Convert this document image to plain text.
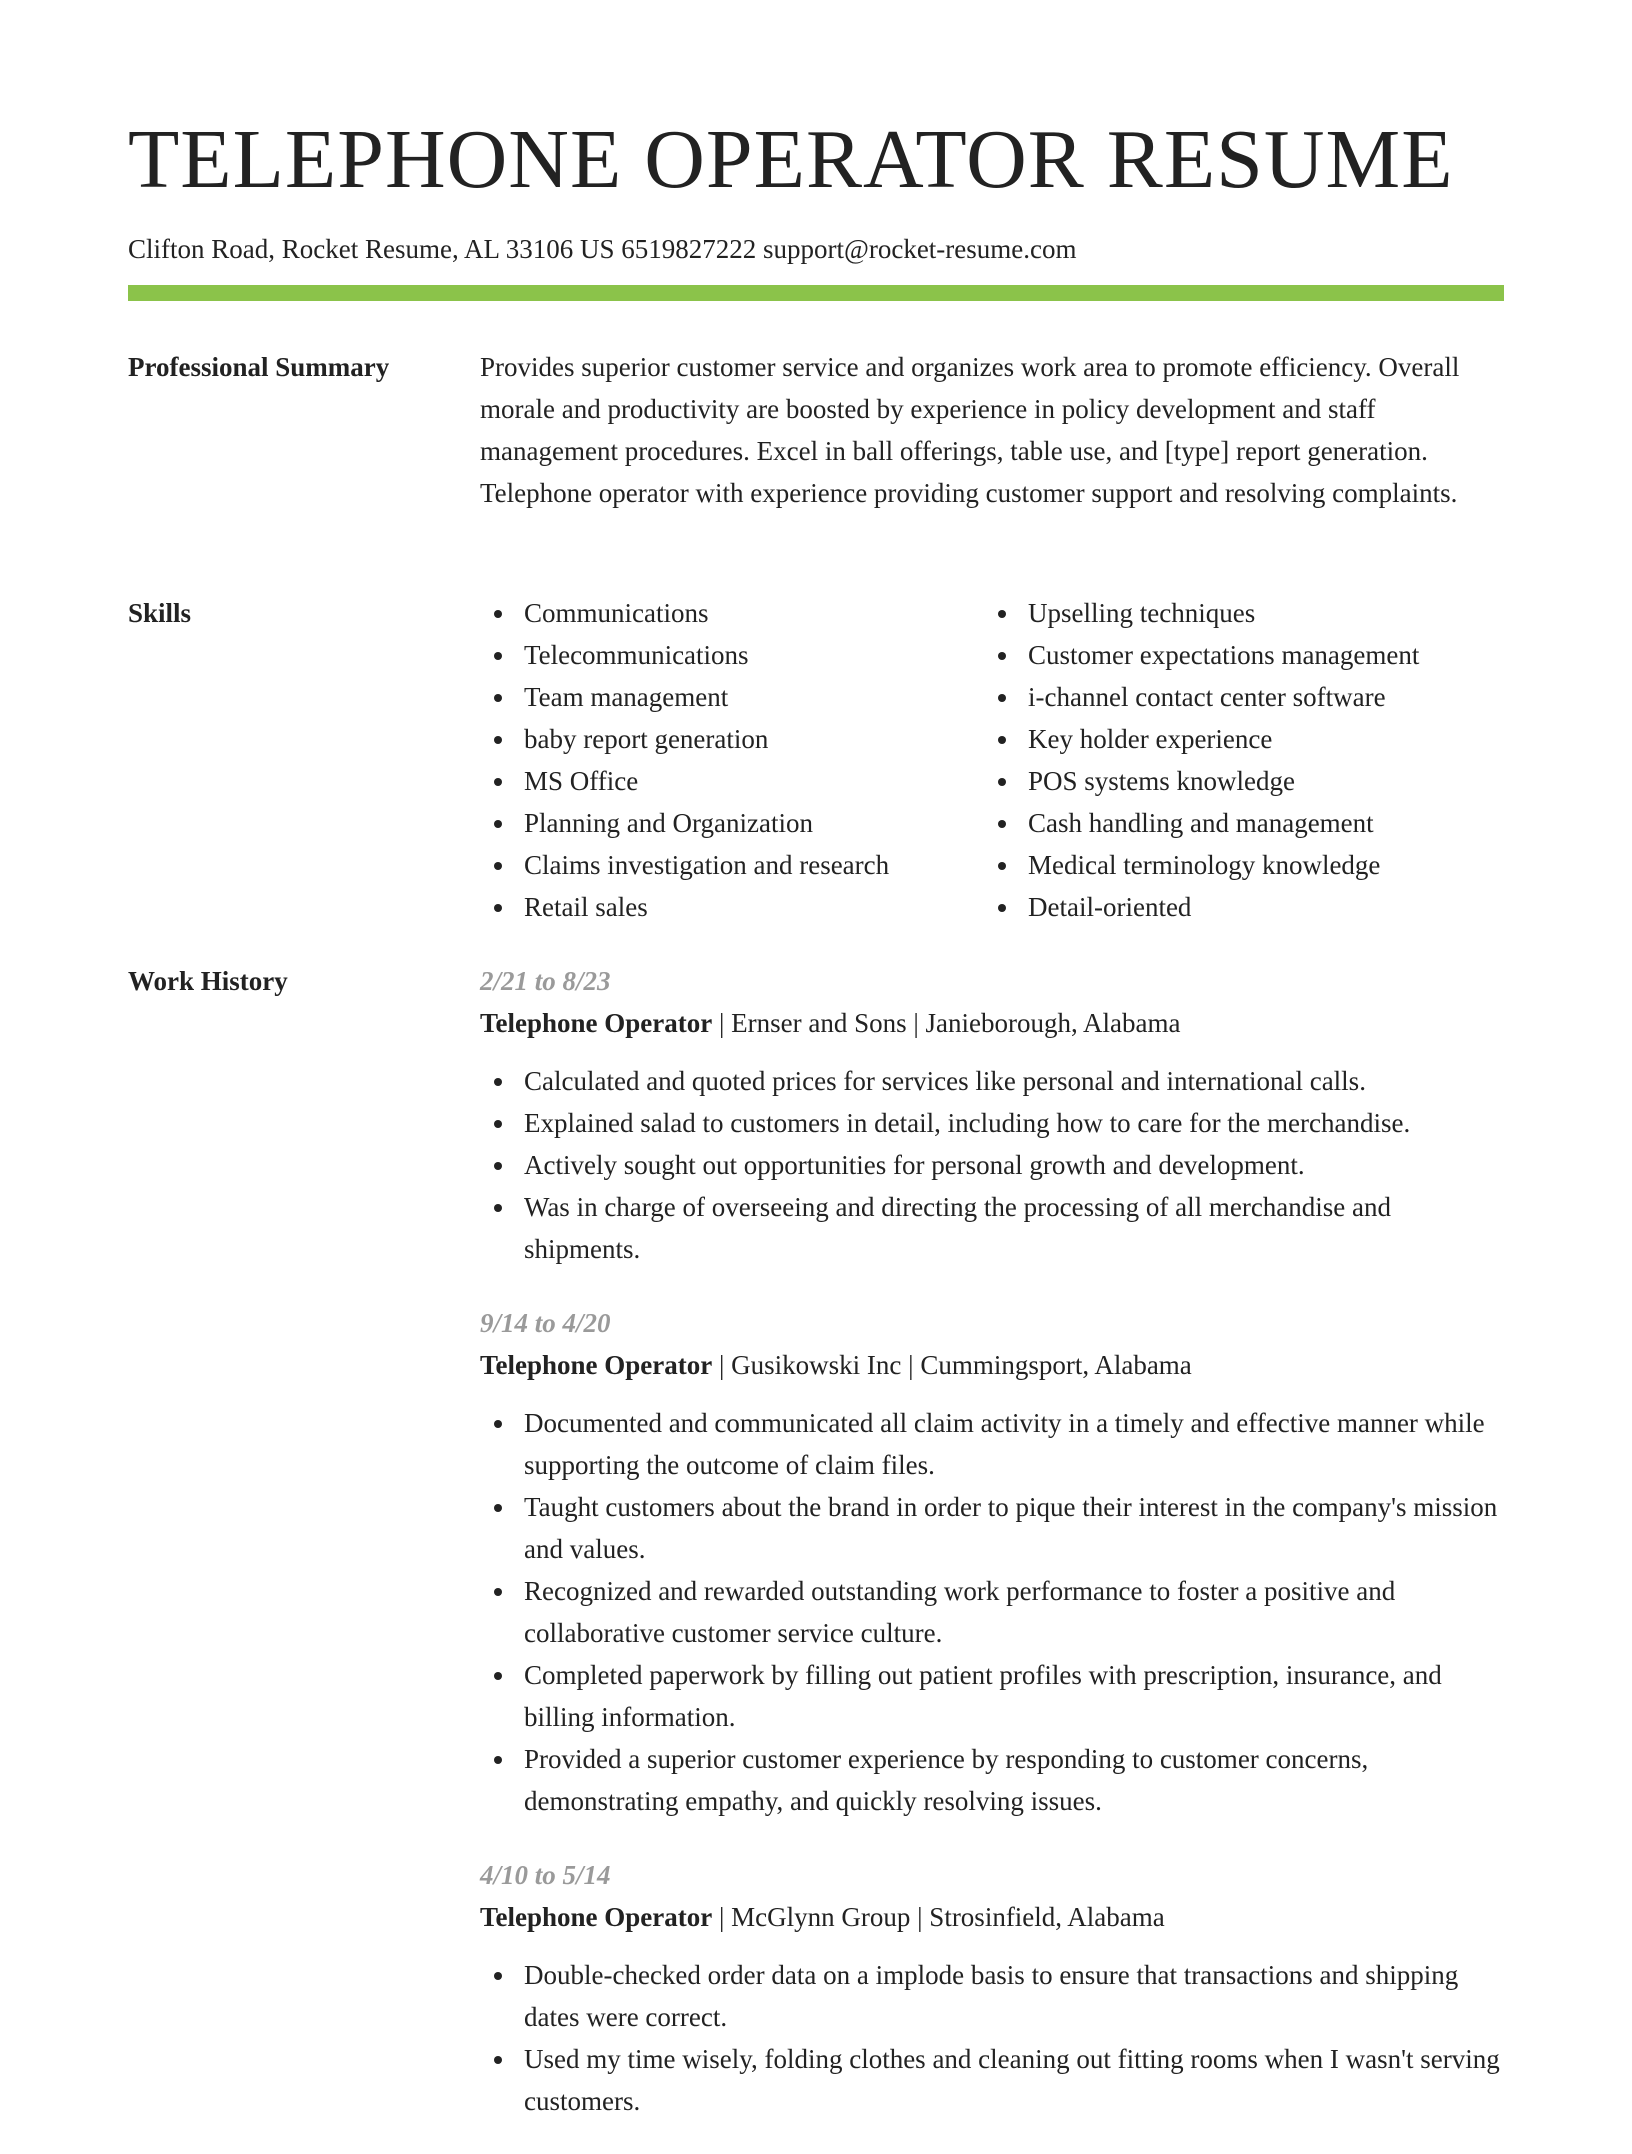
TELEPHONE OPERATOR RESUME
Clifton Road, Rocket Resume, AL 33106 US 6519827222 support@rocket-resume.com
Professional Summary	Provides superior customer service and organizes work area to promote efficiency. Overall morale and productivity are boosted by experience in policy development and staff management procedures. Excel in ball offerings, table use, and [type] report generation. Telephone operator with experience providing customer support and resolving complaints.

Skills	Communications
Telecommunications
Team management
baby report generation
MS Office
Planning and Organization
Claims investigation and research
Retail sales
Upselling techniques
Customer expectations management
i-channel contact center software
Key holder experience
POS systems knowledge
Cash handling and management
Medical terminology knowledge
Detail-oriented
Work History	2/21 to 8/23
Telephone Operator | Ernser and Sons | Janieborough, Alabama
Calculated and quoted prices for services like personal and international calls.
Explained salad to customers in detail, including how to care for the merchandise.
Actively sought out opportunities for personal growth and development.
Was in charge of overseeing and directing the processing of all merchandise and shipments.
9/14 to 4/20
Telephone Operator | Gusikowski Inc | Cummingsport, Alabama
Documented and communicated all claim activity in a timely and effective manner while supporting the outcome of claim files.
Taught customers about the brand in order to pique their interest in the company's mission and values.
Recognized and rewarded outstanding work performance to foster a positive and collaborative customer service culture.
Completed paperwork by filling out patient profiles with prescription, insurance, and billing information.
Provided a superior customer experience by responding to customer concerns, demonstrating empathy, and quickly resolving issues.
4/10 to 5/14
Telephone Operator | McGlynn Group | Strosinfield, Alabama
Double-checked order data on a implode basis to ensure that transactions and shipping dates were correct.
Used my time wisely, folding clothes and cleaning out fitting rooms when I wasn't serving customers.
